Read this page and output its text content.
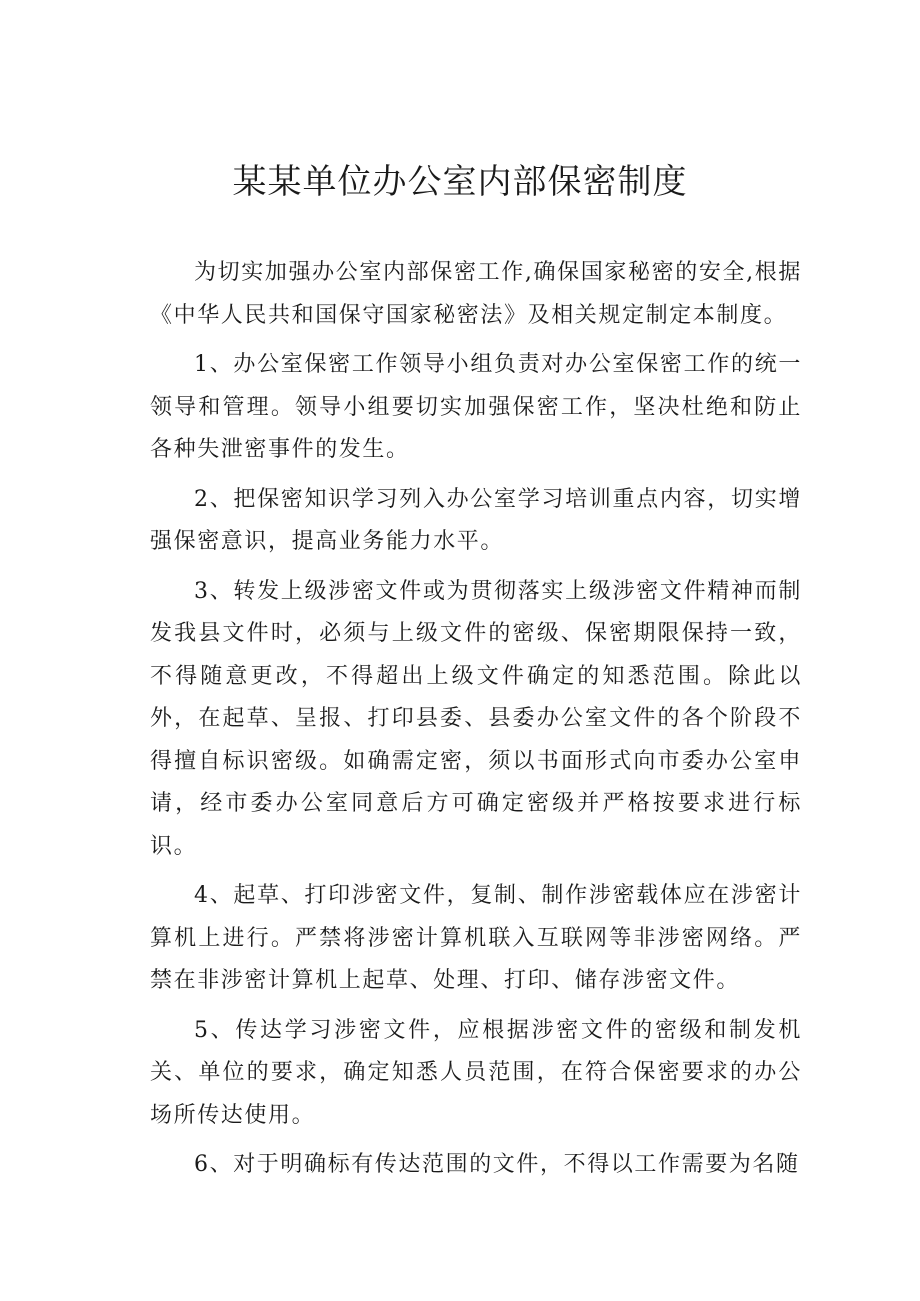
某某单位办公室内部保密制度

为切实加强办公室内部保密工作,确保国家秘密的安全,根据《中华人民共和国保守国家秘密法》及相关规定制定本制度。

1、办公室保密工作领导小组负责对办公室保密工作的统一领导和管理。领导小组要切实加强保密工作，坚决杜绝和防止各种失泄密事件的发生。

2、把保密知识学习列入办公室学习培训重点内容，切实增强保密意识，提高业务能力水平。

3、转发上级涉密文件或为贯彻落实上级涉密文件精神而制发我县文件时，必须与上级文件的密级、保密期限保持一致，不得随意更改，不得超出上级文件确定的知悉范围。除此以外，在起草、呈报、打印县委、县委办公室文件的各个阶段不得擅自标识密级。如确需定密，须以书面形式向市委办公室申请，经市委办公室同意后方可确定密级并严格按要求进行标识。

4、起草、打印涉密文件，复制、制作涉密载体应在涉密计算机上进行。严禁将涉密计算机联入互联网等非涉密网络。严禁在非涉密计算机上起草、处理、打印、储存涉密文件。

5、传达学习涉密文件，应根据涉密文件的密级和制发机关、单位的要求，确定知悉人员范围，在符合保密要求的办公场所传达使用。

6、对于明确标有传达范围的文件，不得以工作需要为名随
